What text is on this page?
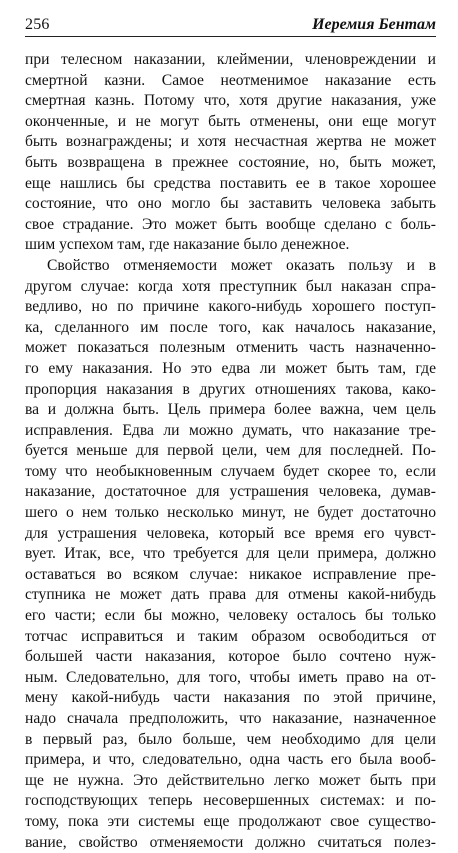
256	Иеремия Бентам
при телесном наказании, клеймении, членовреждении и
смертной казни. Самое неотменимое наказание есть
смертная казнь. Потому что, хотя другие наказания, уже
оконченные, и не могут быть отменены, они еще могут
быть вознаграждены; и хотя несчастная жертва не может
быть возвращена в прежнее состояние, но, быть может,
еще нашлись бы средства поставить ее в такое хорошее
состояние, что оно могло бы заставить человека забыть
свое страдание. Это может быть вообще сделано с боль-
шим успехом там, где наказание было денежное.
Свойство отменяемости может оказать пользу и в
другом случае: когда хотя преступник был наказан спра-
ведливо, но по причине какого-нибудь хорошего поступ-
ка, сделанного им после того, как началось наказание,
может показаться полезным отменить часть назначенно-
го ему наказания. Но это едва ли может быть там, где
пропорция наказания в других отношениях такова, како-
ва и должна быть. Цель примера более важна, чем цель
исправления. Едва ли можно думать, что наказание тре-
буется меньше для первой цели, чем для последней. По-
тому что необыкновенным случаем будет скорее то, если
наказание, достаточное для устрашения человека, думав-
шего о нем только несколько минут, не будет достаточно
для устрашения человека, который все время его чувст-
вует. Итак, все, что требуется для цели примера, должно
оставаться во всяком случае: никакое исправление пре-
ступника не может дать права для отмены какой-нибудь
его части; если бы можно, человеку осталось бы только
тотчас исправиться и таким образом освободиться от
большей части наказания, которое было сочтено нуж-
ным. Следовательно, для того, чтобы иметь право на от-
мену какой-нибудь части наказания по этой причине,
надо сначала предположить, что наказание, назначенное
в первый раз, было больше, чем необходимо для цели
примера, и что, следовательно, одна часть его была вооб-
ще не нужна. Это действительно легко может быть при
господствующих теперь несовершенных системах: и по-
тому, пока эти системы еще продолжают свое существо-
вание, свойство отменяемости должно считаться полез-
